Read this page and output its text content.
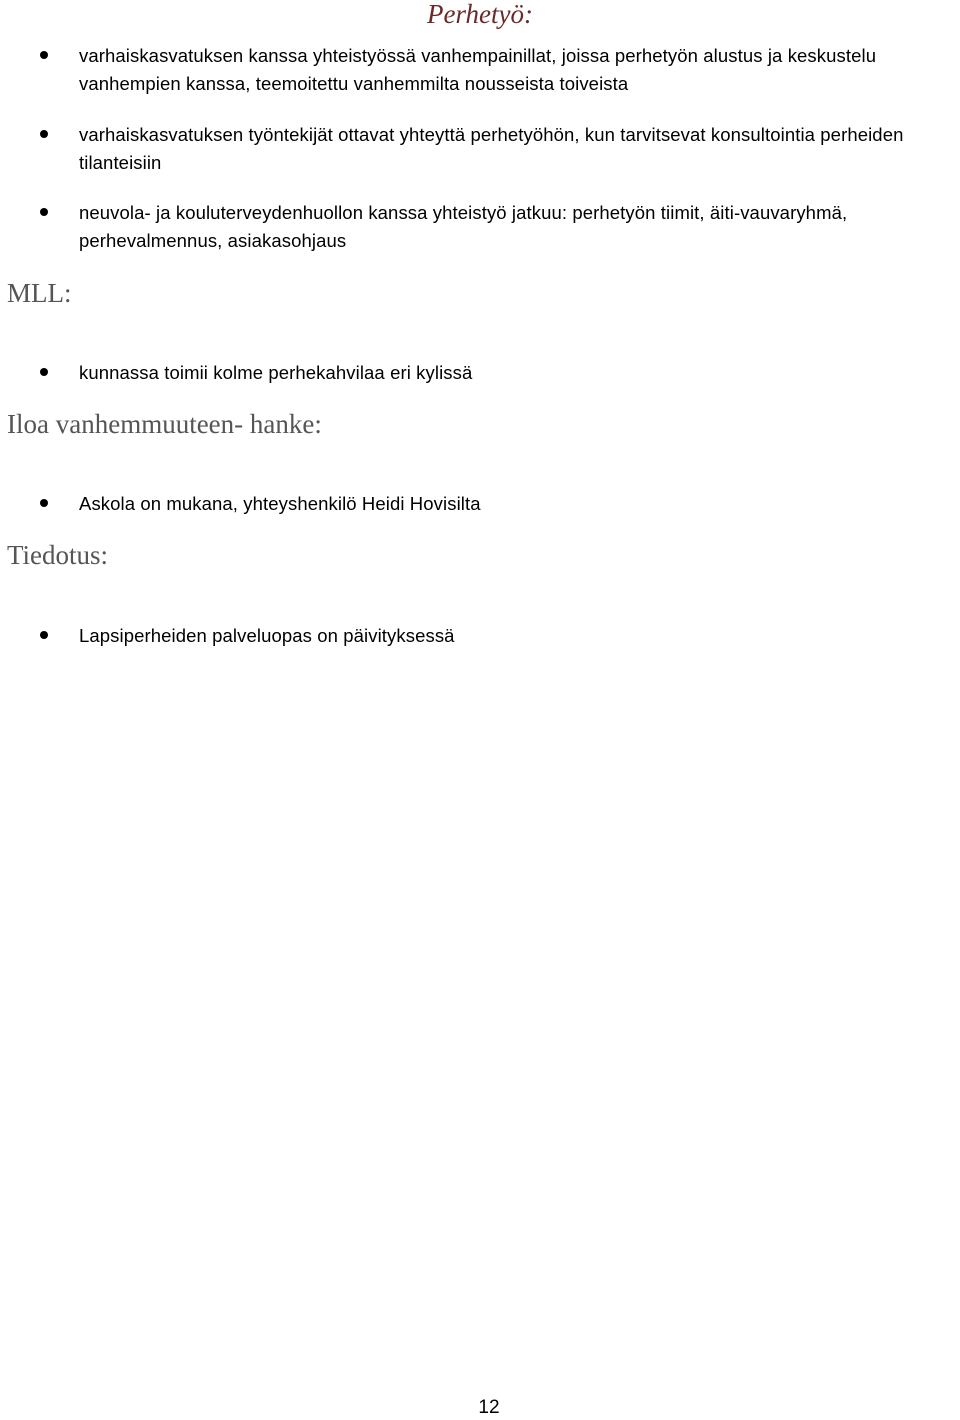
Perhetyö:
varhaiskasvatuksen kanssa yhteistyössä vanhempainillat, joissa perhetyön alustus ja keskustelu vanhempien kanssa, teemoitettu vanhemmilta nousseista toiveista
varhaiskasvatuksen työntekijät ottavat yhteyttä perhetyöhön, kun tarvitsevat konsultointia perheiden tilanteisiin
neuvola- ja kouluterveydenhuollon kanssa yhteistyö jatkuu: perhetyön tiimit, äiti-vauvaryhmä, perhevalmennus, asiakasohjaus
MLL:
kunnassa toimii kolme perhekahvilaa eri kylissä
Iloa vanhemmuuteen- hanke:
Askola on mukana, yhteyshenkilö Heidi Hovisilta
Tiedotus:
Lapsiperheiden palveluopas on päivityksessä
12
